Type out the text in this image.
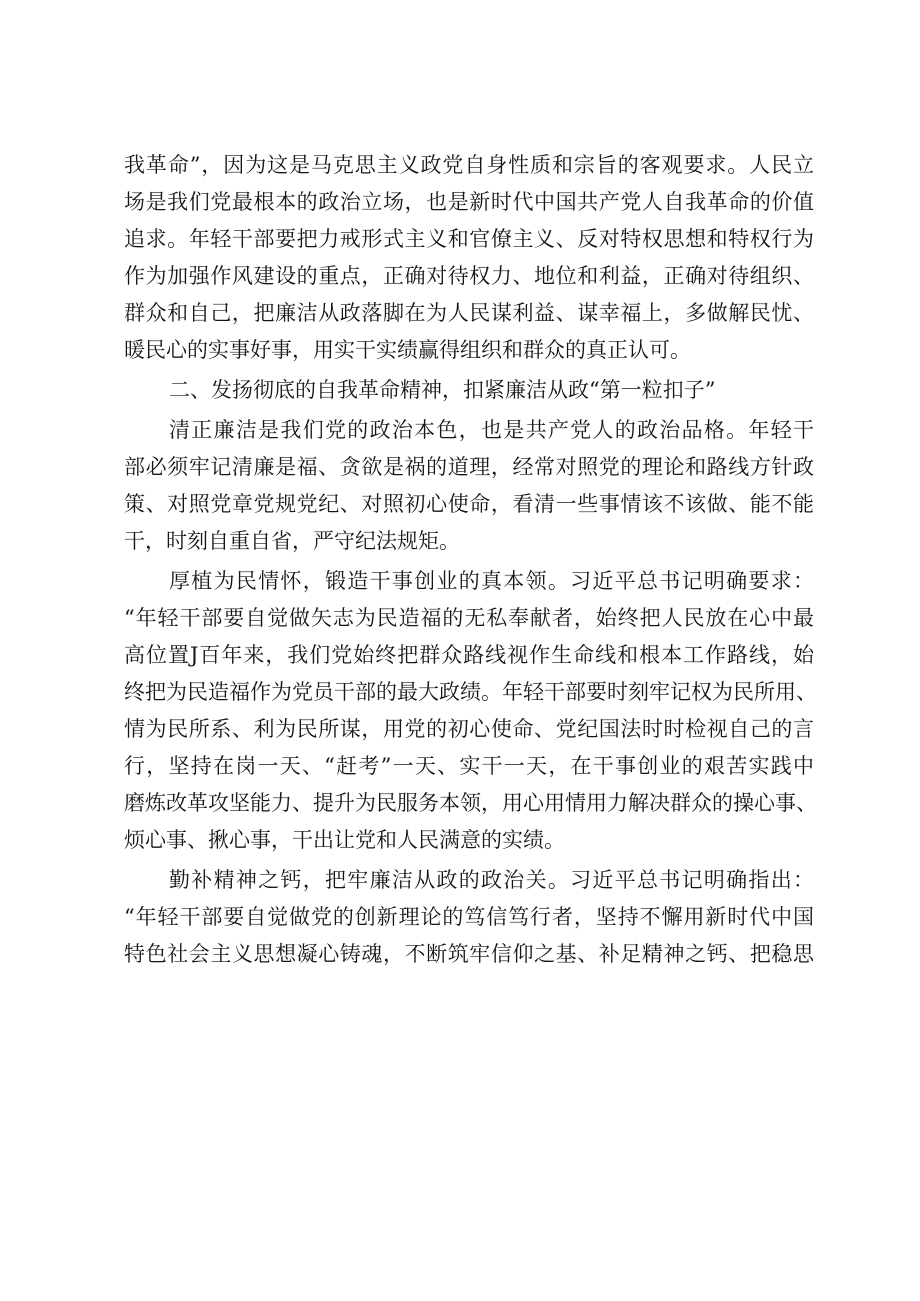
我革命”，因为这是马克思主义政党自身性质和宗旨的客观要求。人民立
场是我们党最根本的政治立场，也是新时代中国共产党人自我革命的价值
追求。年轻干部要把力戒形式主义和官僚主义、反对特权思想和特权行为
作为加强作风建设的重点，正确对待权力、地位和利益，正确对待组织、
群众和自己，把廉洁从政落脚在为人民谋利益、谋幸福上，多做解民忧、
暖民心的实事好事，用实干实绩赢得组织和群众的真正认可。
二、发扬彻底的自我革命精神，扣紧廉洁从政“第一粒扣子”
清正廉洁是我们党的政治本色，也是共产党人的政治品格。年轻干
部必须牢记清廉是福、贪欲是祸的道理，经常对照党的理论和路线方针政
策、对照党章党规党纪、对照初心使命，看清一些事情该不该做、能不能
干，时刻自重自省，严守纪法规矩。
厚植为民情怀，锻造干事创业的真本领。习近平总书记明确要求：
“年轻干部要自觉做矢志为民造福的无私奉献者，始终把人民放在心中最
高位置J百年来，我们党始终把群众路线视作生命线和根本工作路线，始
终把为民造福作为党员干部的最大政绩。年轻干部要时刻牢记权为民所用、
情为民所系、利为民所谋，用党的初心使命、党纪国法时时检视自己的言
行，坚持在岗一天、“赶考”一天、实干一天，在干事创业的艰苦实践中
磨炼改革攻坚能力、提升为民服务本领，用心用情用力解决群众的操心事、
烦心事、揪心事，干出让党和人民满意的实绩。
勤补精神之钙，把牢廉洁从政的政治关。习近平总书记明确指出：
“年轻干部要自觉做党的创新理论的笃信笃行者，坚持不懈用新时代中国
特色社会主义思想凝心铸魂，不断筑牢信仰之基、补足精神之钙、把稳思
